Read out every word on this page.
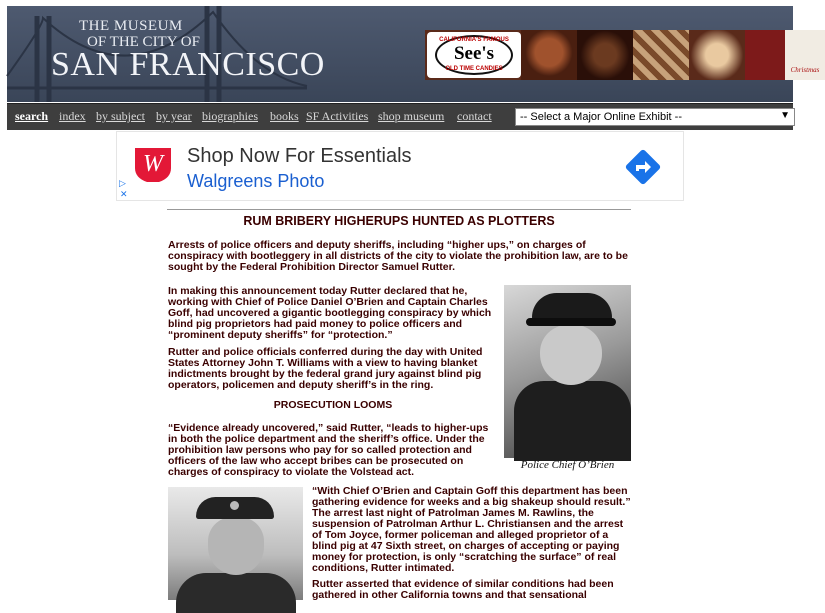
THE MUSEUM
OF THE CITY OF
SAN FRANCISCO
CALIFORNIA'S FAMOUS
See's
OLD TIME CANDIES	Christmas
search index by subject by year biographies books SF Activities shop museum contact	-- Select a Major Online Exhibit --	▼
W Shop Now For Essentials
Walgreens Photo
▷
✕
RUM BRIBERY HIGHERUPS HUNTED AS PLOTTERS

Arrests of police officers and deputy sheriffs, including “higher ups,” on charges of conspiracy with bootleggery in all districts of the city to violate the prohibition law, are to be sought by the Federal Prohibition Director Samuel Rutter.

In making this announcement today Rutter declared that he, working with Chief of Police Daniel O’Brien and Captain Charles Goff, had uncovered a gigantic bootlegging conspiracy by which blind pig proprietors had paid money to police officers and “prominent deputy sheriffs” for “protection.”

Rutter and police officials conferred during the day with United States Attorney John T. Williams with a view to having blanket indictments brought by the federal grand jury against blind pig operators, policemen and deputy sheriff’s in the ring.

PROSECUTION LOOMS

“Evidence already uncovered,” said Rutter, “leads to higher-ups in both the police department and the sheriff’s office. Under the prohibition law persons who pay for so called protection and officers of the law who accept bribes can be prosecuted on charges of conspiracy to violate the Volstead act.

Police Chief O’Brien

“With Chief O’Brien and Captain Goff this department has been gathering evidence for weeks and a big shakeup should result.” The arrest last night of Patrolman James M. Rawlins, the suspension of Patrolman Arthur L. Christiansen and the arrest of Tom Joyce, former policeman and alleged proprietor of a blind pig at 47 Sixth street, on charges of accepting or paying money for protection, is only “scratching the surface” of real conditions, Rutter intimated.

Rutter asserted that evidence of similar conditions had been gathered in other California towns and that sensational
